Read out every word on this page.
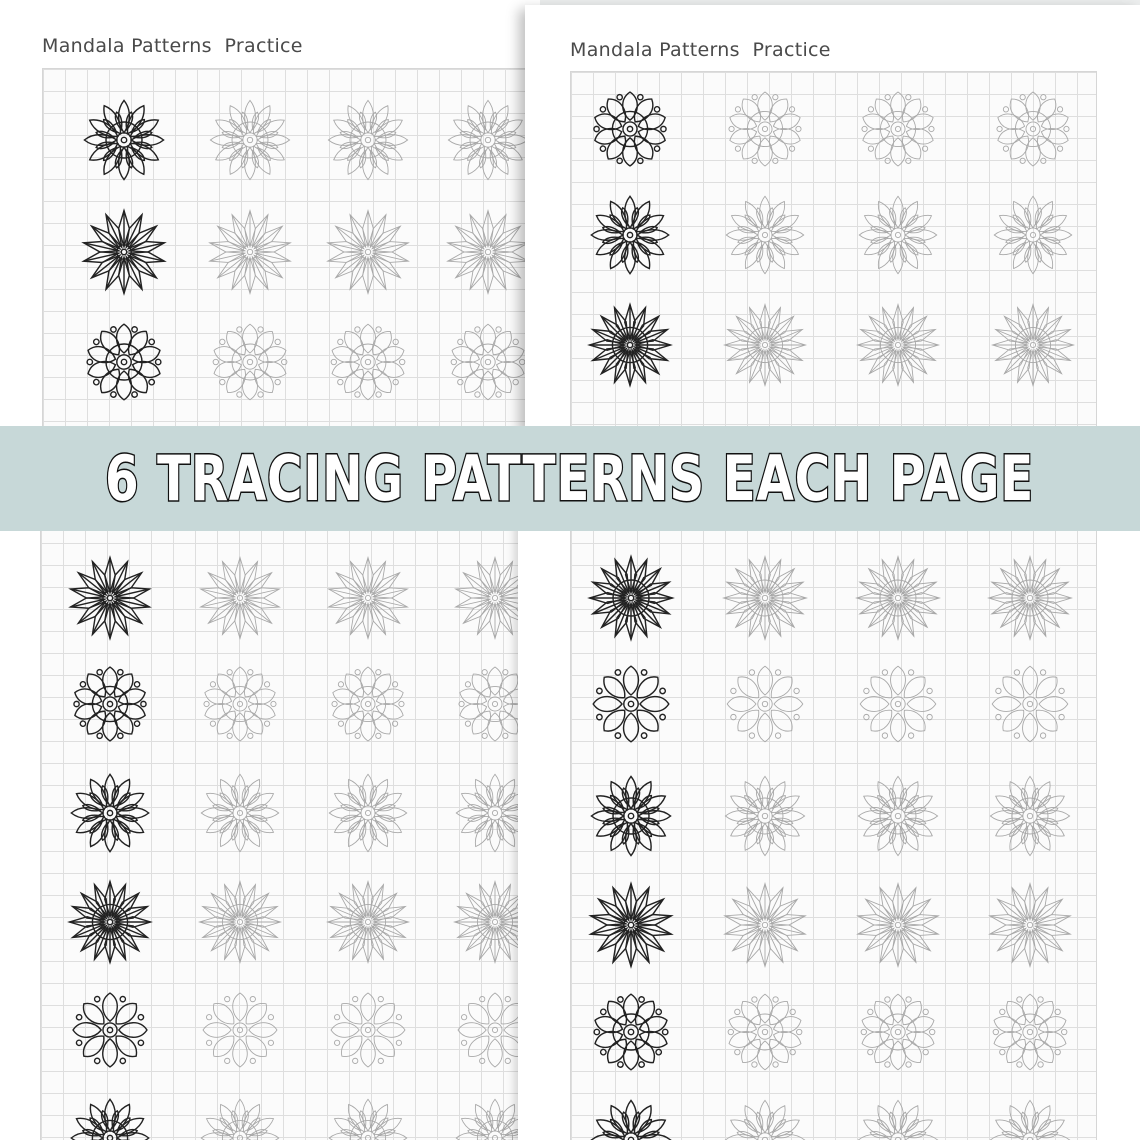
Mandala Patterns  Practice	Mandala Patterns  Practice
6 TRACING PATTERNS EACH PAGE
